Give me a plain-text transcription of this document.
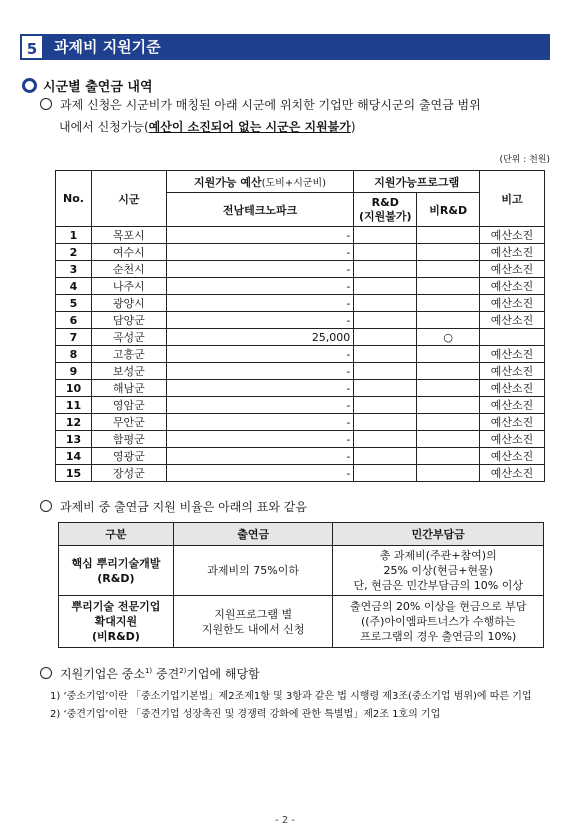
5	과제비 지원기준
시군별 출연금 내역
과제 신청은 시군비가 매칭된 아래 시군에 위치한 기업만 해당시군의 출연금 범위
내에서 신청가능(예산이 소진되어 없는 시군은 지원불가)
(단위 : 천원)
No.	시군	지원가능 예산(도비+시군비)	지원가능프로그램		비고
		전남테크노파크	R&D
(지원불가)	비R&D	
1	목포시	-			예산소진
2	여수시	-			예산소진
3	순천시	-			예산소진
4	나주시	-			예산소진
5	광양시	-			예산소진
6	담양군	-			예산소진
7	곡성군	25,000		○	
8	고흥군	-			예산소진
9	보성군	-			예산소진
10	해남군	-			예산소진
11	영암군	-			예산소진
12	무안군	-			예산소진
13	함평군	-			예산소진
14	영광군	-			예산소진
15	장성군	-			예산소진
과제비 중 출연금 지원 비율은 아래의 표와 같음
구분	출연금	민간부담금
핵심 뿌리기술개발
(R&D)	과제비의 75%이하	총 과제비(주관+참여)의
25% 이상(현금+현물)
단, 현금은 민간부담금의 10% 이상
뿌리기술 전문기업
확대지원
(비R&D)	지원프로그램 별
지원한도 내에서 신청	출연금의 20% 이상을 현금으로 부담
((주)아이엠파트너스가 수행하는
프로그램의 경우 출연금의 10%)
지원기업은 중소$^{1)}$ 중견$^{2)}$기업에 해당함
1) ‘중소기업’이란 「중소기업기본법」제2조제1항 및 3항과 같은 법 시행령 제3조(중소기업 범위)에 따른 기업
2) ‘중견기업’이란 「중견기업 성장촉진 및 경쟁력 강화에 관한 특별법」제2조 1호의 기업
- 2 -
